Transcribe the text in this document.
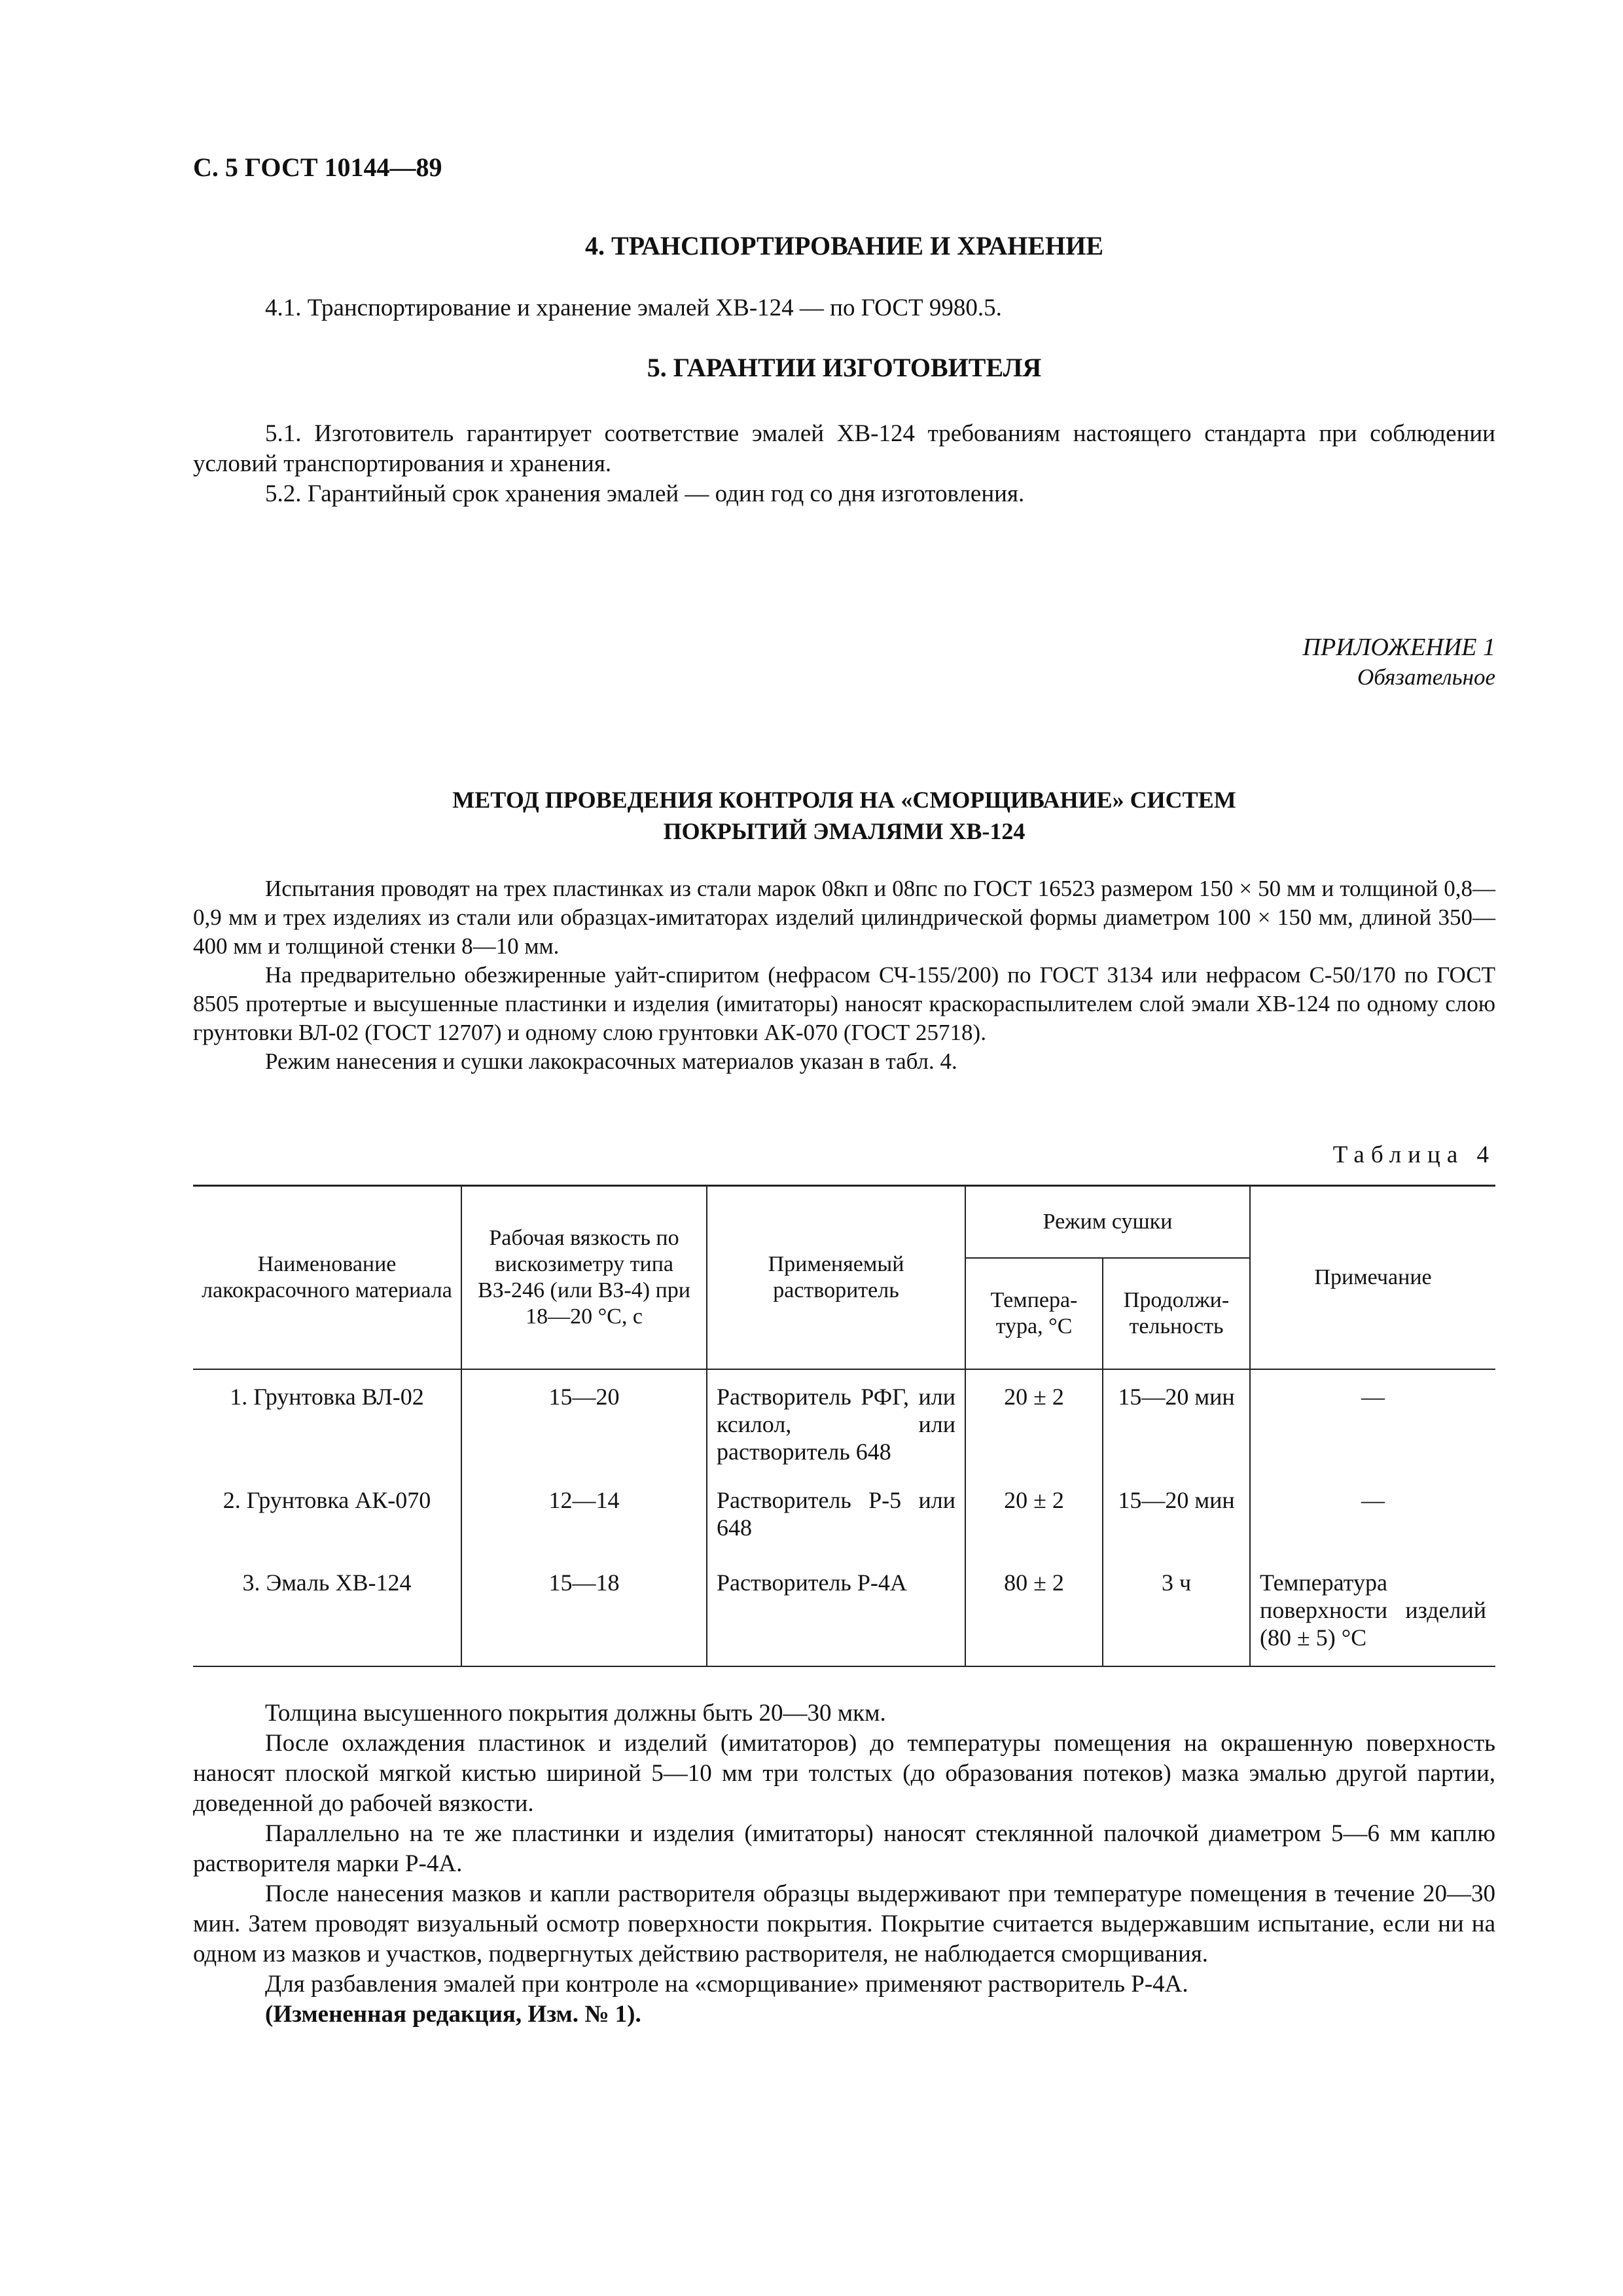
С. 5 ГОСТ 10144—89
4. ТРАНСПОРТИРОВАНИЕ И ХРАНЕНИЕ

4.1. Транспортирование и хранение эмалей ХВ-124 — по ГОСТ 9980.5.

5. ГАРАНТИИ ИЗГОТОВИТЕЛЯ

5.1. Изготовитель гарантирует соответствие эмалей ХВ-124 требованиям настоящего стандарта при соблюдении условий транспортирования и хранения.

5.2. Гарантийный срок хранения эмалей — один год со дня изготовления.

ПРИЛОЖЕНИЕ 1
Обязательное
МЕТОД ПРОВЕДЕНИЯ КОНТРОЛЯ НА «СМОРЩИВАНИЕ» СИСТЕМ
ПОКРЫТИЙ ЭМАЛЯМИ ХВ-124

Испытания проводят на трех пластинках из стали марок 08кп и 08пс по ГОСТ 16523 размером 150 × 50 мм и толщиной 0,8—0,9 мм и трех изделиях из стали или образцах-имитаторах изделий цилиндрической формы диаметром 100 × 150 мм, длиной 350—400 мм и толщиной стенки 8—10 мм.

На предварительно обезжиренные уайт-спиритом (нефрасом СЧ-155/200) по ГОСТ 3134 или нефрасом С-50/170 по ГОСТ 8505 протертые и высушенные пластинки и изделия (имитаторы) наносят краскораспылителем слой эмали ХВ-124 по одному слою грунтовки ВЛ-02 (ГОСТ 12707) и одному слою грунтовки АК-070 (ГОСТ 25718).

Режим нанесения и сушки лакокрасочных материалов указан в табл. 4.

Таблица 4
Наименование лакокрасочного материала	Рабочая вязкость по вискозиметру типа ВЗ-246 (или ВЗ-4) при 18—20 °С, с	Применяемый растворитель	Режим сушки		Примечание
			Темпера-тура, °С	Продолжи-тельность	
1. Грунтовка ВЛ-02	15—20	Растворитель РФГ, или ксилол, или растворитель 648	20 ± 2	15—20 мин	—
2. Грунтовка АК-070	12—14	Растворитель Р-5 или 648	20 ± 2	15—20 мин	—
3. Эмаль ХВ-124	15—18	Растворитель Р-4А	80 ± 2	3 ч	Температура поверхности изделий (80 ± 5) °С

Толщина высушенного покрытия должны быть 20—30 мкм.

После охлаждения пластинок и изделий (имитаторов) до температуры помещения на окрашенную поверхность наносят плоской мягкой кистью шириной 5—10 мм три толстых (до образования потеков) мазка эмалью другой партии, доведенной до рабочей вязкости.

Параллельно на те же пластинки и изделия (имитаторы) наносят стеклянной палочкой диаметром 5—6 мм каплю растворителя марки Р-4А.

После нанесения мазков и капли растворителя образцы выдерживают при температуре помещения в течение 20—30 мин. Затем проводят визуальный осмотр поверхности покрытия. Покрытие считается выдержавшим испытание, если ни на одном из мазков и участков, подвергнутых действию растворителя, не наблюдается сморщивания.

Для разбавления эмалей при контроле на «сморщивание» применяют растворитель Р-4А.

(Измененная редакция, Изм. № 1).
